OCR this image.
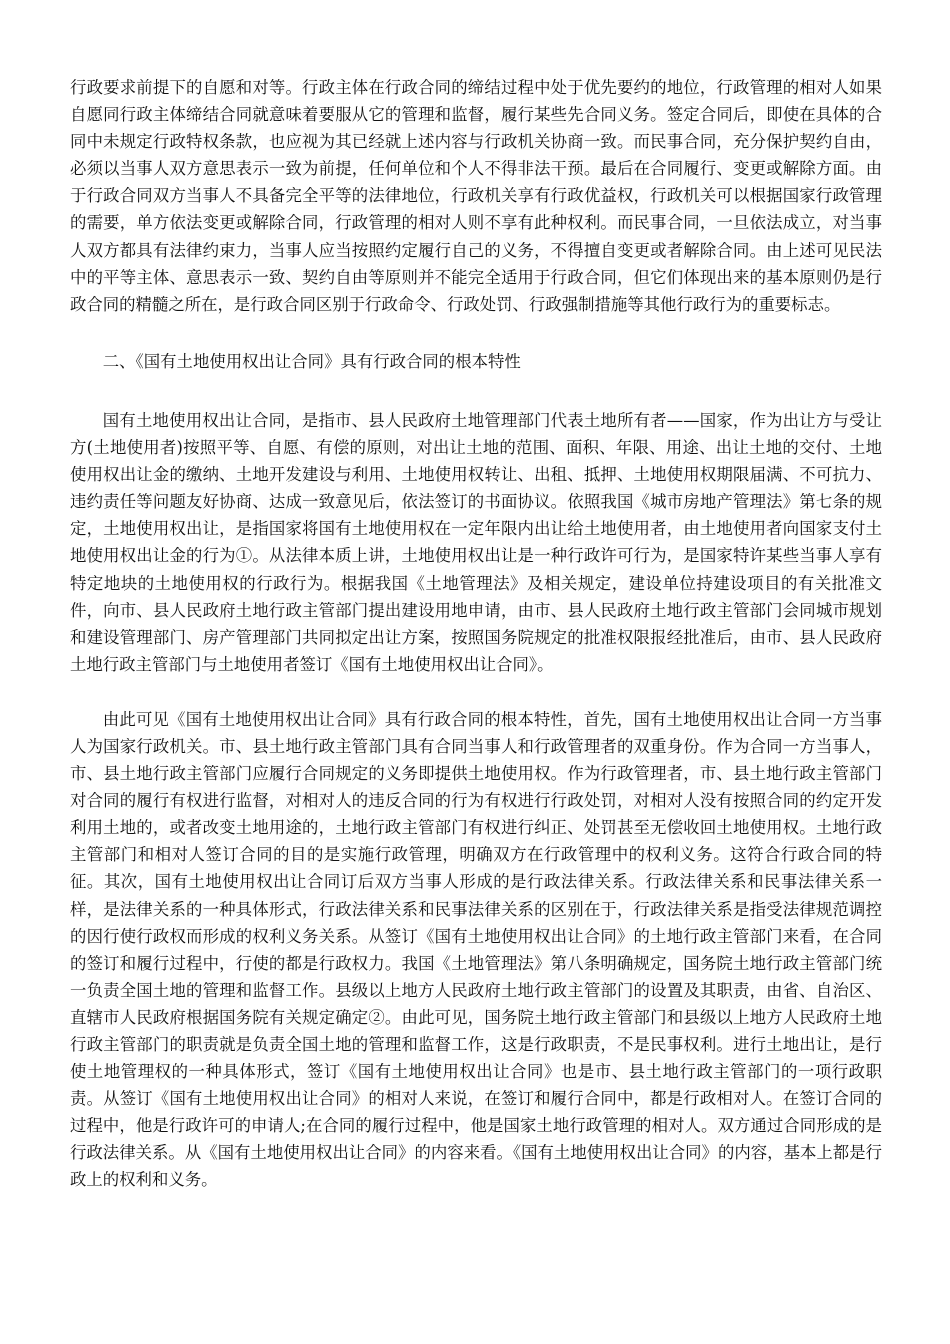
行政要求前提下的自愿和对等。行政主体在行政合同的缔结过程中处于优先要约的地位，行政管理的相对人如果自愿同行政主体缔结合同就意味着要服从它的管理和监督，履行某些先合同义务。签定合同后，即使在具体的合同中未规定行政特权条款，也应视为其已经就上述内容与行政机关协商一致。而民事合同，充分保护契约自由，必须以当事人双方意思表示一致为前提，任何单位和个人不得非法干预。最后在合同履行、变更或解除方面。由于行政合同双方当事人不具备完全平等的法律地位，行政机关享有行政优益权，行政机关可以根据国家行政管理的需要，单方依法变更或解除合同，行政管理的相对人则不享有此种权利。而民事合同，一旦依法成立，对当事人双方都具有法律约束力，当事人应当按照约定履行自己的义务，不得擅自变更或者解除合同。由上述可见民法中的平等主体、意思表示一致、契约自由等原则并不能完全适用于行政合同，但它们体现出来的基本原则仍是行政合同的精髓之所在，是行政合同区别于行政命令、行政处罚、行政强制措施等其他行政行为的重要标志。

二、《国有土地使用权出让合同》具有行政合同的根本特性

国有土地使用权出让合同，是指市、县人民政府土地管理部门代表土地所有者——国家，作为出让方与受让方(土地使用者)按照平等、自愿、有偿的原则，对出让土地的范围、面积、年限、用途、出让土地的交付、土地使用权出让金的缴纳、土地开发建设与利用、土地使用权转让、出租、抵押、土地使用权期限届满、不可抗力、违约责任等问题友好协商、达成一致意见后，依法签订的书面协议。依照我国《城市房地产管理法》第七条的规定，土地使用权出让，是指国家将国有土地使用权在一定年限内出让给土地使用者，由土地使用者向国家支付土地使用权出让金的行为①。从法律本质上讲，土地使用权出让是一种行政许可行为，是国家特许某些当事人享有特定地块的土地使用权的行政行为。根据我国《土地管理法》及相关规定，建设单位持建设项目的有关批准文件，向市、县人民政府土地行政主管部门提出建设用地申请，由市、县人民政府土地行政主管部门会同城市规划和建设管理部门、房产管理部门共同拟定出让方案，按照国务院规定的批准权限报经批准后，由市、县人民政府土地行政主管部门与土地使用者签订《国有土地使用权出让合同》。

由此可见《国有土地使用权出让合同》具有行政合同的根本特性，首先，国有土地使用权出让合同一方当事人为国家行政机关。市、县土地行政主管部门具有合同当事人和行政管理者的双重身份。作为合同一方当事人，市、县土地行政主管部门应履行合同规定的义务即提供土地使用权。作为行政管理者，市、县土地行政主管部门对合同的履行有权进行监督，对相对人的违反合同的行为有权进行行政处罚，对相对人没有按照合同的约定开发利用土地的，或者改变土地用途的，土地行政主管部门有权进行纠正、处罚甚至无偿收回土地使用权。土地行政主管部门和相对人签订合同的目的是实施行政管理，明确双方在行政管理中的权利义务。这符合行政合同的特征。其次，国有土地使用权出让合同订后双方当事人形成的是行政法律关系。行政法律关系和民事法律关系一样，是法律关系的一种具体形式，行政法律关系和民事法律关系的区别在于，行政法律关系是指受法律规范调控的因行使行政权而形成的权利义务关系。从签订《国有土地使用权出让合同》的土地行政主管部门来看，在合同的签订和履行过程中，行使的都是行政权力。我国《土地管理法》第八条明确规定，国务院土地行政主管部门统一负责全国土地的管理和监督工作。县级以上地方人民政府土地行政主管部门的设置及其职责，由省、自治区、直辖市人民政府根据国务院有关规定确定②。由此可见，国务院土地行政主管部门和县级以上地方人民政府土地行政主管部门的职责就是负责全国土地的管理和监督工作，这是行政职责，不是民事权利。进行土地出让，是行使土地管理权的一种具体形式，签订《国有土地使用权出让合同》也是市、县土地行政主管部门的一项行政职责。从签订《国有土地使用权出让合同》的相对人来说，在签订和履行合同中，都是行政相对人。在签订合同的过程中，他是行政许可的申请人;在合同的履行过程中，他是国家土地行政管理的相对人。双方通过合同形成的是行政法律关系。从《国有土地使用权出让合同》的内容来看。《国有土地使用权出让合同》的内容，基本上都是行政上的权利和义务。
